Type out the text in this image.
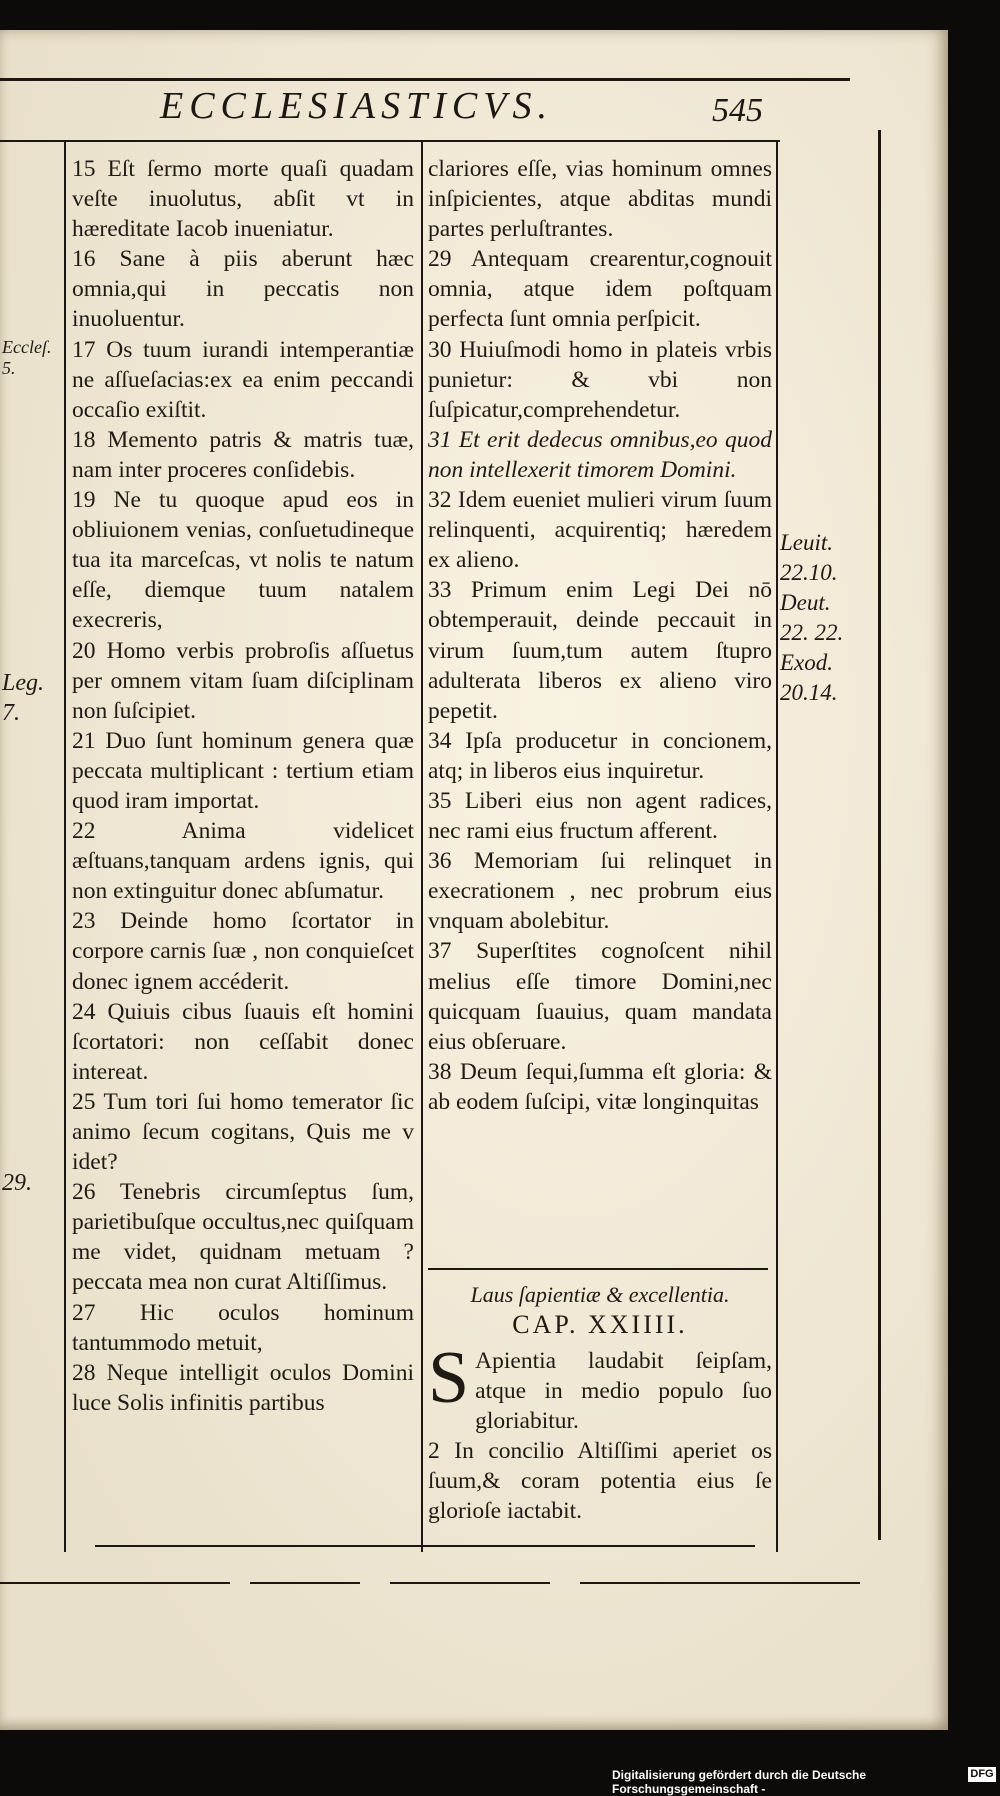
ECCLESIASTICVS.	545

15 Eſt ſermo morte quaſi quadam veſte inuolutus, abſit vt in hæreditate Iacob inueniatur.

16 Sane à piis aberunt hæc omnia,qui in peccatis non inuoluentur.

17 Os tuum iurandi intemperantiæ ne aſſueſacias:ex ea enim peccandi occaſio exiſtit.

18 Memento patris & matris tuæ, nam inter proceres conſidebis.

19 Ne tu quoque apud eos in obliuionem venias, conſuetudineque tua ita marceſcas, vt nolis te natum eſſe, diemque tuum natalem execreris,

20 Homo verbis probroſis aſſuetus per omnem vitam ſuam diſciplinam non ſuſcipiet.

21 Duo ſunt hominum genera quæ peccata multiplicant : tertium etiam quod iram importat.

22 Anima videlicet æſtuans,tanquam ardens ignis, qui non extinguitur donec abſumatur.

23 Deinde homo ſcortator in corpore carnis ſuæ , non conquieſcet donec ignem accéderit.

24 Quiuis cibus ſuauis eſt homini ſcortatori: non ceſſabit donec intereat.

25 Tum tori ſui homo temerator ſic animo ſecum cogitans, Quis me v idet?

26 Tenebris circumſeptus ſum, parietibuſque occultus,nec quiſquam me videt, quidnam metuam ? peccata mea non curat Altiſſimus.

27 Hic oculos hominum tantummodo metuit,

28 Neque intelligit oculos Domini luce Solis infinitis partibus

clariores eſſe, vias hominum omnes inſpicientes, atque abditas mundi partes perluſtrantes.

29 Antequam crearentur,cognouit omnia, atque idem poſtquam perfecta ſunt omnia perſpicit.

30 Huiuſmodi homo in plateis vrbis punietur: & vbi non ſuſpicatur,comprehendetur.

31 Et erit dedecus omnibus,eo quod non intellexerit timorem Domini.

32 Idem eueniet mulieri virum ſuum relinquenti, acquirentiq; hæredem ex alieno.

33 Primum enim Legi Dei nō obtemperauit, deinde peccauit in virum ſuum,tum autem ſtupro adulterata liberos ex alieno viro pepetit.

34 Ipſa producetur in concionem, atq; in liberos eius inquiretur.

35 Liberi eius non agent radices, nec rami eius fructum afferent.

36 Memoriam ſui relinquet in execrationem , nec probrum eius vnquam abolebitur.

37 Superſtites cognoſcent nihil melius eſſe timore Domini,nec quicquam ſuauius, quam mandata eius obſeruare.

38 Deum ſequi,ſumma eſt gloria: & ab eodem ſuſcipi, vitæ longinquitas

Eccleſ. 5.
Leg.
7.
29.
Leuit.
22.10.
Deut.
22. 22.
Exod.
20.14.
Laus ſapientiæ & excellentia.
CAP. XXIIII.
S Apientia laudabit ſeipſam, atque in medio populo ſuo gloriabitur.
2 In concilio Altiſſimi aperiet os ſuum,& coram potentia eius ſe glorioſe iactabit.
Digitalisierung gefördert durch die Deutsche Forschungsgemeinschaft -
DFG
